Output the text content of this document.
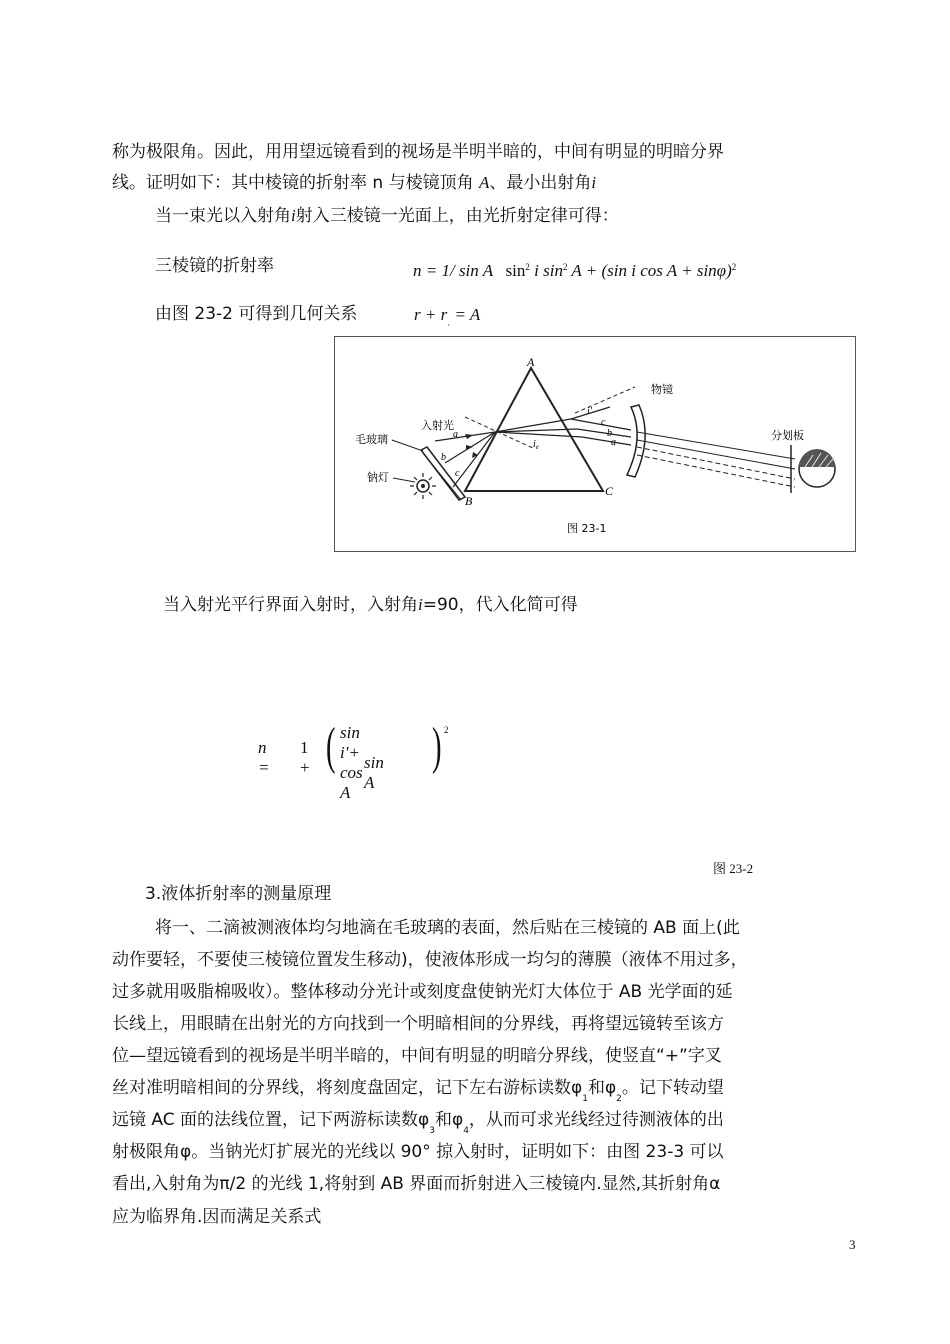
称为极限角。因此，用用望远镜看到的视场是半明半暗的，中间有明显的明暗分界
线。证明如下：其中棱镜的折射率 n 与棱镜顶角 A、最小出射角i
当一束光以入射角i射入三棱镜一光面上，由光折射定律可得：
三棱镜的折射率	n = 1/ sin A $\sin^2 i$ $\sin^2 A + (\sin$ i cos A + sinφ)$^2$
由图 23-2 可得到几何关系	$r + r_\cdot = A$
A
B
C
入射光
毛玻璃
钠灯
a
b
c
$i_e$
i'
c
b
a
物镜
分划板
图 23-1
当入射光平行界面入射时，入射角i=90，代入化简可得
n =
1 + ( sin i'+ cos A
sin A
) 2
图 23-2
3.液体折射率的测量原理
将一、二滴被测液体均匀地滴在毛玻璃的表面，然后贴在三棱镜的 AB 面上(此
动作要轻，不要使三棱镜位置发生移动)，使液体形成一均匀的薄膜（液体不用过多，
过多就用吸脂棉吸收）。整体移动分光计或刻度盘使钠光灯大体位于 AB 光学面的延
长线上，用眼睛在出射光的方向找到一个明暗相间的分界线，再将望远镜转至该方
位—望远镜看到的视场是半明半暗的，中间有明显的明暗分界线，使竖直“+”字叉
丝对准明暗相间的分界线，将刻度盘固定，记下左右游标读数$\varphi_1$和$\varphi_2$。记下转动望
远镜 AC 面的法线位置，记下两游标读数$\varphi_3$和$\varphi_4$，从而可求光线经过待测液体的出
射极限角φ。当钠光灯扩展光的光线以 90° 掠入射时，证明如下：由图 23-3 可以
看出,入射角为π/2 的光线 1,将射到 AB 界面而折射进入三棱镜内.显然,其折射角α
应为临界角.因而满足关系式
3
